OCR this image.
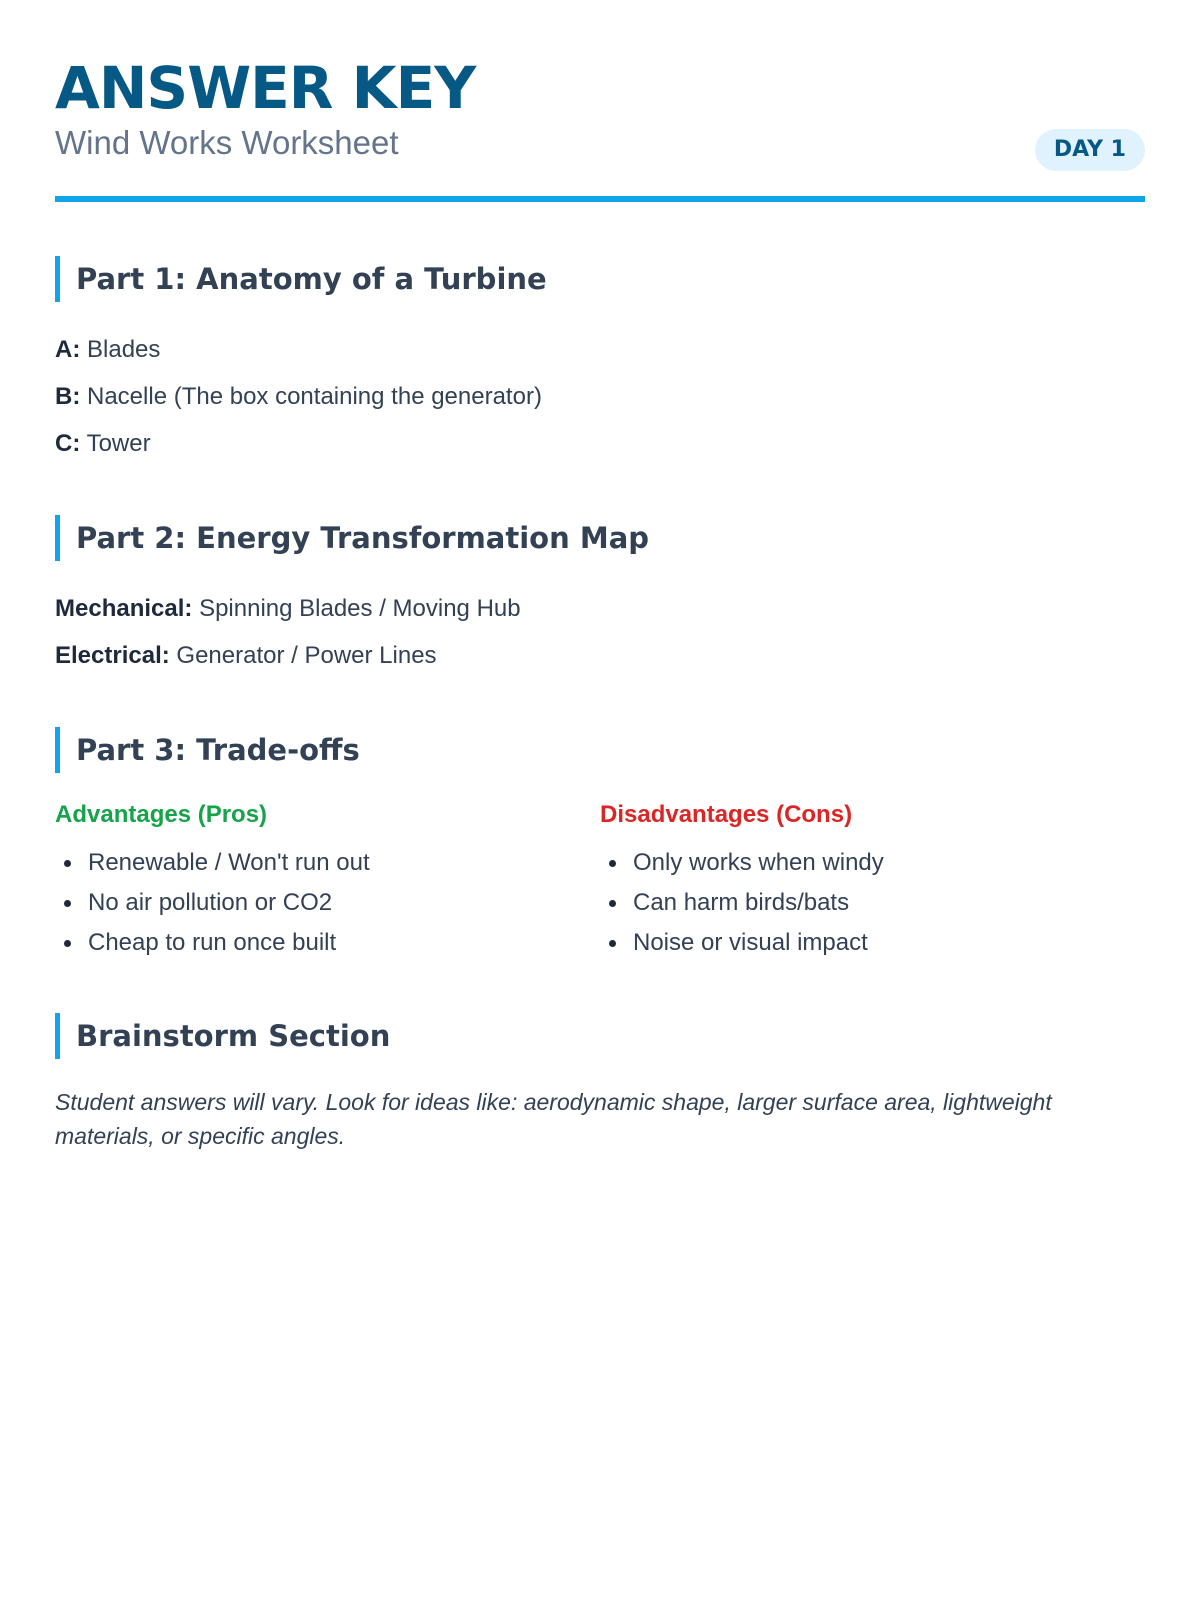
ANSWER KEY
Wind Works Worksheet	DAY 1
Part 1: Anatomy of a Turbine
A: Blades
B: Nacelle (The box containing the generator)
C: Tower
Part 2: Energy Transformation Map
Mechanical: Spinning Blades / Moving Hub
Electrical: Generator / Power Lines
Part 3: Trade-offs
Advantages (Pros)
Renewable / Won't run out
No air pollution or CO2
Cheap to run once built
Disadvantages (Cons)
Only works when windy
Can harm birds/bats
Noise or visual impact
Brainstorm Section

Student answers will vary. Look for ideas like: aerodynamic shape, larger surface area, lightweight materials, or specific angles.
